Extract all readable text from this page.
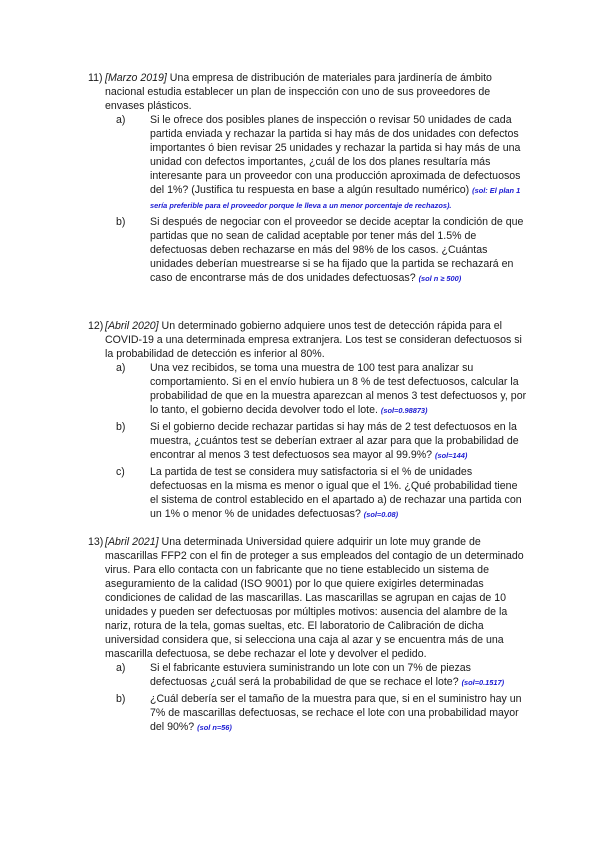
11) [Marzo 2019] Una empresa de distribución de materiales para jardinería de ámbito nacional estudia establecer un plan de inspección con uno de sus proveedores de envases plásticos.

a) Si le ofrece dos posibles planes de inspección o revisar 50 unidades de cada partida enviada y rechazar la partida si hay más de dos unidades con defectos importantes ó bien revisar 25 unidades y rechazar la partida si hay más de una unidad con defectos importantes, ¿cuál de los dos planes resultaría más interesante para un proveedor con una producción aproximada de defectuosos del 1%? (Justifica tu respuesta en base a algún resultado numérico) (sol: El plan 1 sería preferible para el proveedor porque le lleva a un menor porcentaje de rechazos).
b) Si después de negociar con el proveedor se decide aceptar la condición de que partidas que no sean de calidad aceptable por tener más del 1.5% de defectuosas deben rechazarse en más del 98% de los casos. ¿Cuántas unidades deberían muestrearse si se ha fijado que la partida se rechazará en caso de encontrarse más de dos unidades defectuosas? (sol n ≥ 500)
12) [Abril 2020] Un determinado gobierno adquiere unos test de detección rápida para el COVID-19 a una determinada empresa extranjera. Los test se consideran defectuosos si la probabilidad de detección es inferior al 80%.

a) Una vez recibidos, se toma una muestra de 100 test para analizar su comportamiento. Si en el envío hubiera un 8 % de test defectuosos, calcular la probabilidad de que en la muestra aparezcan al menos 3 test defectuosos y, por lo tanto, el gobierno decida devolver todo el lote. (sol=0.98873)
b) Si el gobierno decide rechazar partidas si hay más de 2 test defectuosos en la muestra, ¿cuántos test se deberían extraer al azar para que la probabilidad de encontrar al menos 3 test defectuosos sea mayor al 99.9%? (sol=144)
c) La partida de test se considera muy satisfactoria si el % de unidades defectuosas en la misma es menor o igual que el 1%. ¿Qué probabilidad tiene el sistema de control establecido en el apartado a) de rechazar una partida con un 1% o menor % de unidades defectuosas? (sol=0.08)
13) [Abril 2021] Una determinada Universidad quiere adquirir un lote muy grande de mascarillas FFP2 con el fin de proteger a sus empleados del contagio de un determinado virus. Para ello contacta con un fabricante que no tiene establecido un sistema de aseguramiento de la calidad (ISO 9001) por lo que quiere exigirles determinadas condiciones de calidad de las mascarillas. Las mascarillas se agrupan en cajas de 10 unidades y pueden ser defectuosas por múltiples motivos: ausencia del alambre de la nariz, rotura de la tela, gomas sueltas, etc. El laboratorio de Calibración de dicha universidad considera que, si selecciona una caja al azar y se encuentra más de una mascarilla defectuosa, se debe rechazar el lote y devolver el pedido.

a) Si el fabricante estuviera suministrando un lote con un 7% de piezas defectuosas ¿cuál será la probabilidad de que se rechace el lote? (sol=0.1517)
b) ¿Cuál debería ser el tamaño de la muestra para que, si en el suministro hay un 7% de mascarillas defectuosas, se rechace el lote con una probabilidad mayor del 90%? (sol n=56)
